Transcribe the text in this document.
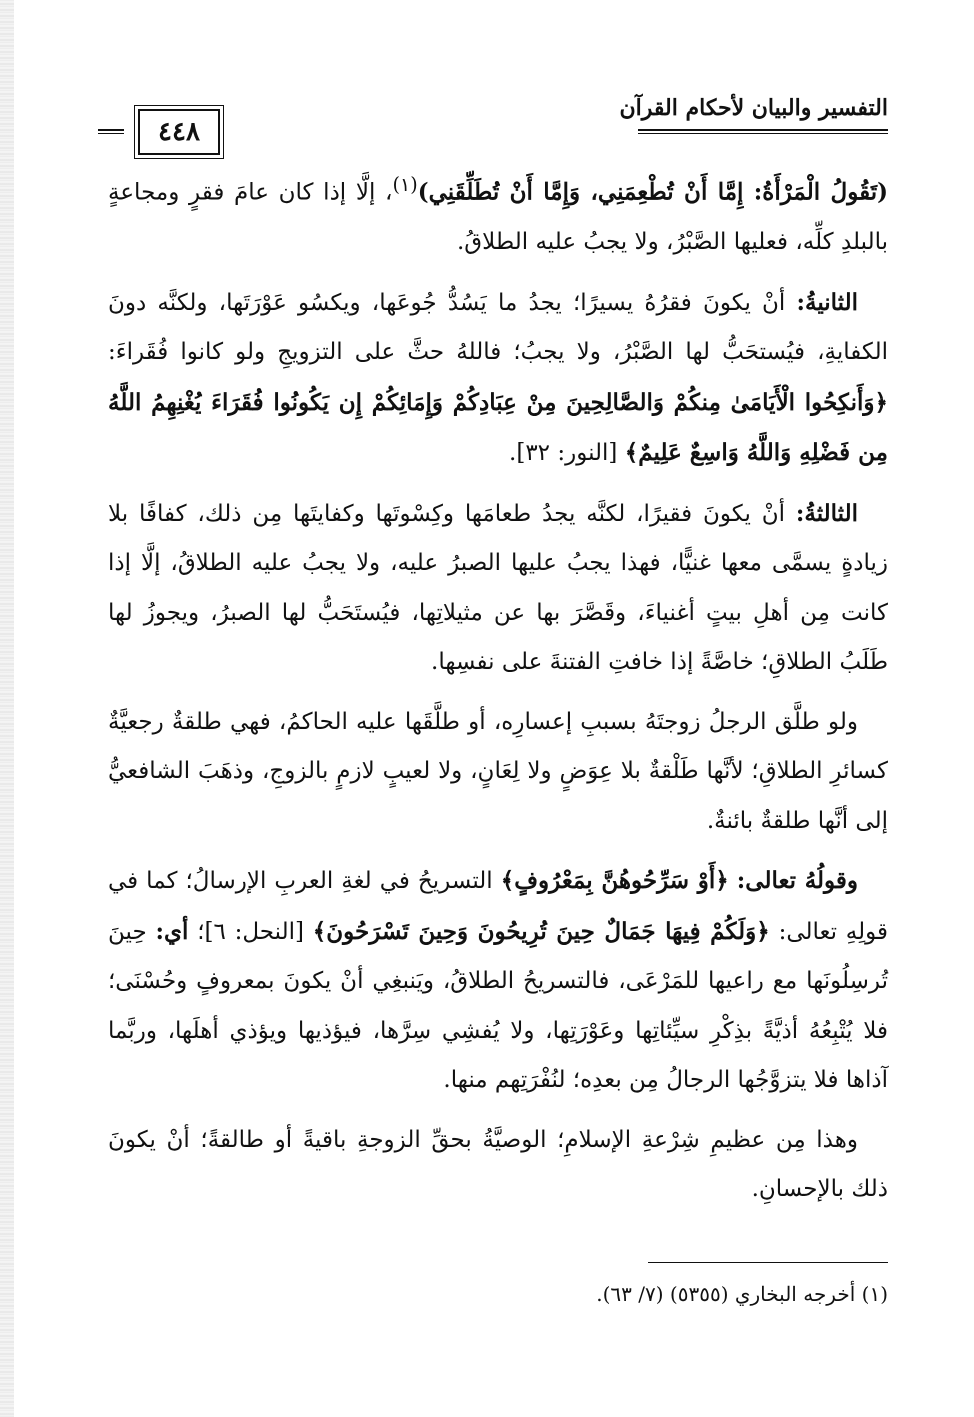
٤٤٨
التفسير والبيان لأحكام القرآن

(تَقُولُ الْمَرْأَةُ: إِمَّا أَنْ تُطْعِمَنِي، وَإِمَّا أَنْ تُطَلِّقَنِي)$^{(١)}$، إلَّا إذا كان عامَ فقرٍ ومجاعةٍ بالبلدِ كلِّه، فعليها الصَّبْرُ، ولا يجبُ عليه الطلاقُ.

الثانيةُ: أنْ يكونَ فقرُهُ يسيرًا؛ يجدُ ما يَسُدُّ جُوعَها، ويكسُو عَوْرَتَها، ولكنَّه دونَ الكفايةِ، فيُستحَبُّ لها الصَّبْرُ، ولا يجبُ؛ فاللهُ حثَّ على التزويجِ ولو كانوا فُقَراءَ: ﴿وَأَنكِحُوا الْأَيَامَىٰ مِنكُمْ وَالصَّالِحِينَ مِنْ عِبَادِكُمْ وَإِمَائِكُمْ إِن يَكُونُوا فُقَرَاءَ يُغْنِهِمُ اللَّهُ مِن فَضْلِهِ وَاللَّهُ وَاسِعٌ عَلِيمٌ﴾ [النور: ٣٢].

الثالثةُ: أنْ يكونَ فقيرًا، لكنَّه يجدُ طعامَها وكِسْوتَها وكفايتَها مِن ذلك، كفافًا بلا زيادةٍ يسمَّى معها غنيًّا، فهذا يجبُ عليها الصبرُ عليه، ولا يجبُ عليه الطلاقُ، إلَّا إذا كانت مِن أهلِ بيتٍ أغنياءَ، وقَصَّرَ بها عن مثيلاتِها، فيُستَحَبُّ لها الصبرُ، ويجوزُ لها طَلَبُ الطلاقِ؛ خاصَّةً إذا خافتِ الفتنةَ على نفسِها.

ولو طلَّق الرجلُ زوجتَهُ بسببِ إعسارِه، أو طلَّقَها عليه الحاكمُ، فهي طلقةٌ رجعيَّةٌ كسائرِ الطلاقِ؛ لأنَّها طَلْقةٌ بلا عِوَضٍ ولا لِعَانٍ، ولا لعيبٍ لازمٍ بالزوجِ، وذهَبَ الشافعيُّ إلى أنَّها طلقةٌ بائنةٌ.

وقولُهُ تعالى: ﴿أَوْ سَرِّحُوهُنَّ بِمَعْرُوفٍ﴾ التسريحُ في لغةِ العربِ الإرسالُ؛ كما في قولِهِ تعالى: ﴿وَلَكُمْ فِيهَا جَمَالٌ حِينَ تُرِيحُونَ وَحِينَ تَسْرَحُونَ﴾ [النحل: ٦]؛ أي: حِينَ تُرسِلُونَها مع راعيها للمَرْعَى، فالتسريحُ الطلاقُ، ويَنبغِي أنْ يكونَ بمعروفٍ وحُسْنَى؛ فلا يُتْبِعُهُ أذيَّةً بذِكْرِ سيِّئاتِها وعَوْرَتِها، ولا يُفشِي سِرَّها، فيؤذيها ويؤذي أهلَها، وربَّما آذاها فلا يتزوَّجُها الرجالُ مِن بعدِه؛ لنُفْرَتِهم منها.

وهذا مِن عظيمِ شِرْعةِ الإسلامِ؛ الوصيَّةُ بحقِّ الزوجةِ باقيةً أو طالقةً؛ أنْ يكونَ ذلك بالإحسانِ.

(١) أخرجه البخاري (٥٣٥٥) (٧/ ٦٣).
